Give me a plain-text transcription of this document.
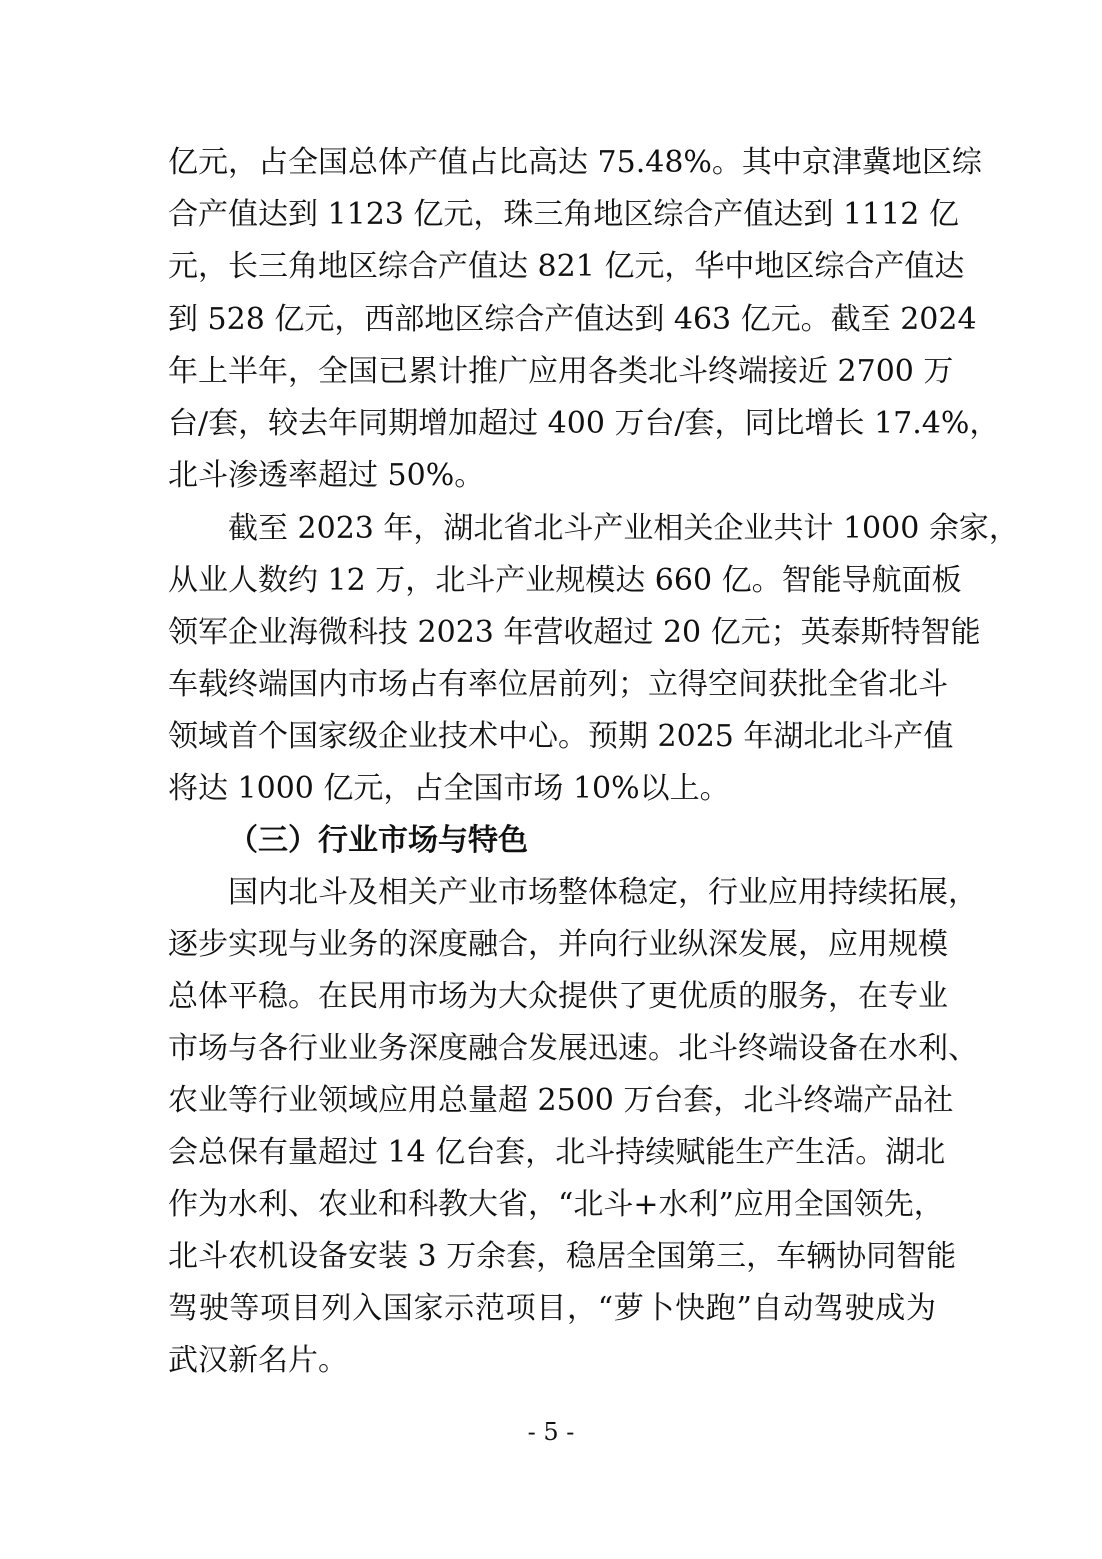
亿元，占全国总体产值占比高达 75.48%。其中京津冀地区综
合产值达到 1123 亿元，珠三角地区综合产值达到 1112 亿
元，长三角地区综合产值达 821 亿元，华中地区综合产值达
到 528 亿元，西部地区综合产值达到 463 亿元。截至 2024
年上半年，全国已累计推广应用各类北斗终端接近 2700 万
台/套，较去年同期增加超过 400 万台/套，同比增长 17.4%，
北斗渗透率超过 50%。
截至 2023 年，湖北省北斗产业相关企业共计 1000 余家，
从业人数约 12 万，北斗产业规模达 660 亿。智能导航面板
领军企业海微科技 2023 年营收超过 20 亿元；英泰斯特智能
车载终端国内市场占有率位居前列；立得空间获批全省北斗
领域首个国家级企业技术中心。预期 2025 年湖北北斗产值
将达 1000 亿元，占全国市场 10%以上。
（三）行业市场与特色
国内北斗及相关产业市场整体稳定，行业应用持续拓展，
逐步实现与业务的深度融合，并向行业纵深发展，应用规模
总体平稳。在民用市场为大众提供了更优质的服务，在专业
市场与各行业业务深度融合发展迅速。北斗终端设备在水利、
农业等行业领域应用总量超 2500 万台套，北斗终端产品社
会总保有量超过 14 亿台套，北斗持续赋能生产生活。湖北
作为水利、农业和科教大省，“北斗+水利”应用全国领先，
北斗农机设备安装 3 万余套，稳居全国第三，车辆协同智能
驾驶等项目列入国家示范项目，“萝卜快跑”自动驾驶成为
武汉新名片。
- 5 -
